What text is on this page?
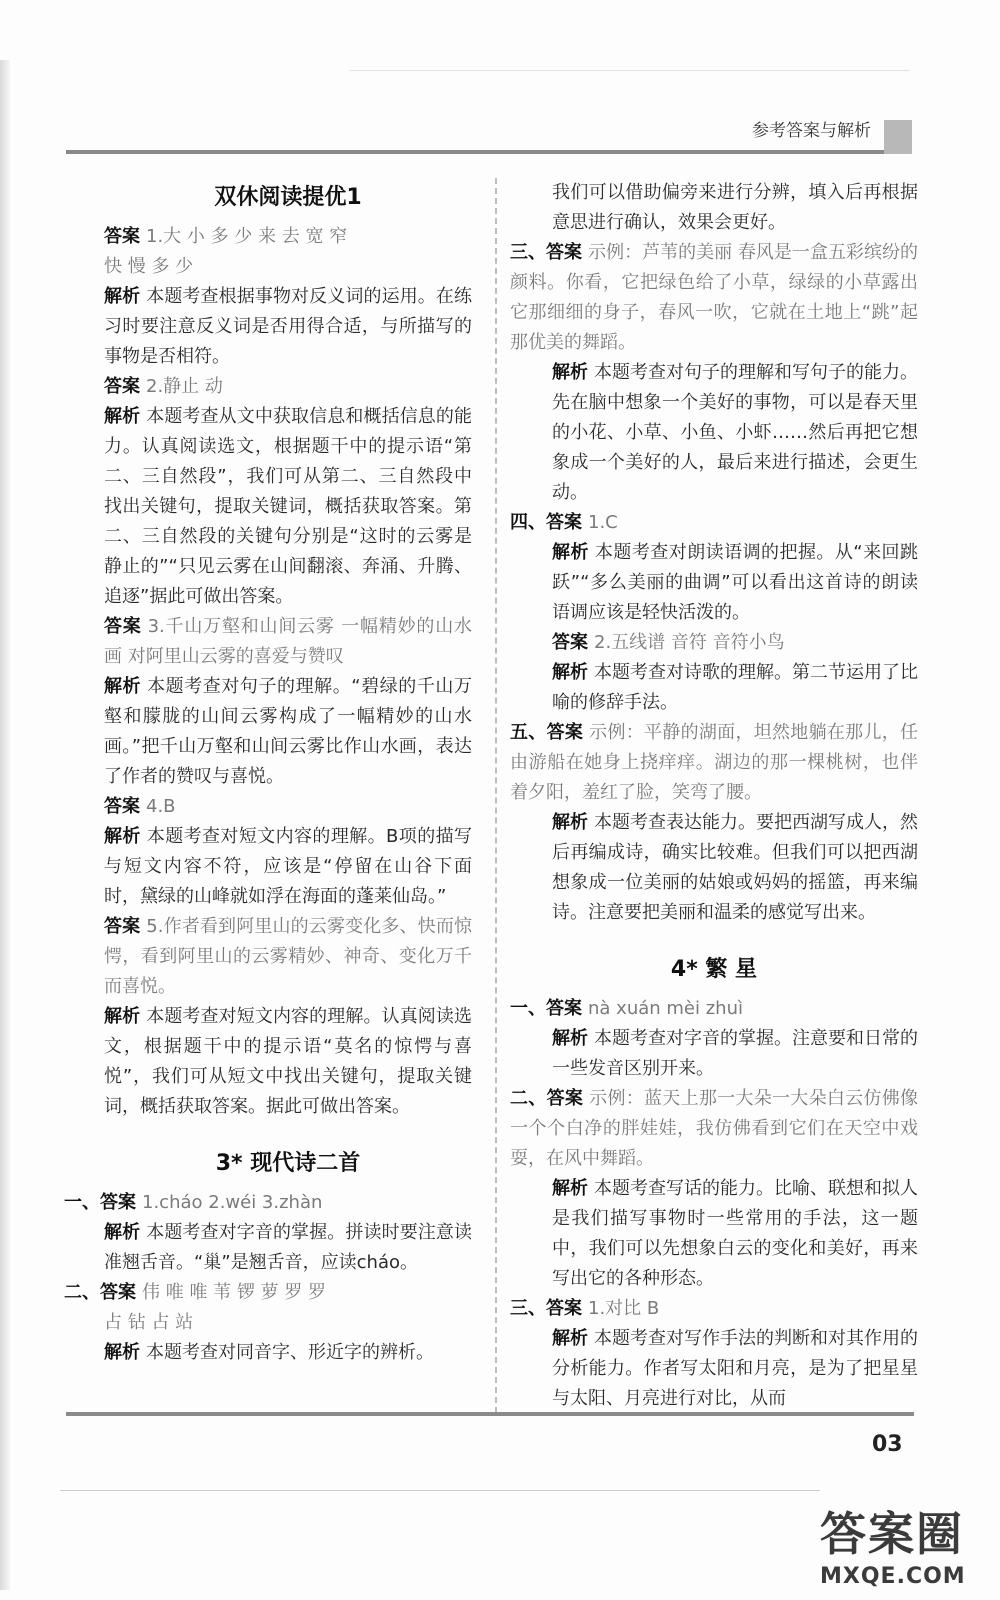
参考答案与解析
双休阅读提优1

答案 1.大 小 多 少 来 去 宽 窄

快 慢 多 少

解析 本题考查根据事物对反义词的运用。在练习时要注意反义词是否用得合适，与所描写的事物是否相符。

答案 2.静止 动

解析 本题考查从文中获取信息和概括信息的能力。认真阅读选文，根据题干中的提示语“第二、三自然段”，我们可从第二、三自然段中找出关键句，提取关键词，概括获取答案。第二、三自然段的关键句分别是“这时的云雾是静止的”“只见云雾在山间翻滚、奔涌、升腾、追逐”据此可做出答案。

答案 3.千山万壑和山间云雾 一幅精妙的山水画 对阿里山云雾的喜爱与赞叹

解析 本题考查对句子的理解。“碧绿的千山万壑和朦胧的山间云雾构成了一幅精妙的山水画。”把千山万壑和山间云雾比作山水画，表达了作者的赞叹与喜悦。

答案 4.B

解析 本题考查对短文内容的理解。B项的描写与短文内容不符，应该是“停留在山谷下面时，黛绿的山峰就如浮在海面的蓬莱仙岛。”

答案 5.作者看到阿里山的云雾变化多、快而惊愕，看到阿里山的云雾精妙、神奇、变化万千而喜悦。

解析 本题考查对短文内容的理解。认真阅读选文，根据题干中的提示语“莫名的惊愕与喜悦”，我们可从短文中找出关键句，提取关键词，概括获取答案。据此可做出答案。

3* 现代诗二首

一、答案 1.cháo 2.wéi 3.zhàn

解析 本题考查对字音的掌握。拼读时要注意读准翘舌音。“巢”是翘舌音，应读cháo。

二、答案 伟 唯 唯 苇 锣 萝 罗 罗

占 钻 占 站

解析 本题考查对同音字、形近字的辨析。

我们可以借助偏旁来进行分辨，填入后再根据意思进行确认，效果会更好。

三、答案 示例：芦苇的美丽 春风是一盒五彩缤纷的颜料。你看，它把绿色给了小草，绿绿的小草露出它那细细的身子，春风一吹，它就在土地上“跳”起那优美的舞蹈。

解析 本题考查对句子的理解和写句子的能力。先在脑中想象一个美好的事物，可以是春天里的小花、小草、小鱼、小虾……然后再把它想象成一个美好的人，最后来进行描述，会更生动。

四、答案 1.C

解析 本题考查对朗读语调的把握。从“来回跳跃”“多么美丽的曲调”可以看出这首诗的朗读语调应该是轻快活泼的。

答案 2.五线谱 音符 音符小鸟

解析 本题考查对诗歌的理解。第二节运用了比喻的修辞手法。

五、答案 示例：平静的湖面，坦然地躺在那儿，任由游船在她身上挠痒痒。湖边的那一棵桃树，也伴着夕阳，羞红了脸，笑弯了腰。

解析 本题考查表达能力。要把西湖写成人，然后再编成诗，确实比较难。但我们可以把西湖想象成一位美丽的姑娘或妈妈的摇篮，再来编诗。注意要把美丽和温柔的感觉写出来。

4* 繁 星

一、答案 nà xuán mèi zhuì

解析 本题考查对字音的掌握。注意要和日常的一些发音区别开来。

二、答案 示例：蓝天上那一大朵一大朵白云仿佛像一个个白净的胖娃娃，我仿佛看到它们在天空中戏耍，在风中舞蹈。

解析 本题考查写话的能力。比喻、联想和拟人是我们描写事物时一些常用的手法，这一题中，我们可以先想象白云的变化和美好，再来写出它的各种形态。

三、答案 1.对比 B

解析 本题考查对写作手法的判断和对其作用的分析能力。作者写太阳和月亮，是为了把星星与太阳、月亮进行对比，从而

03
答案圈
MXQE.COM
